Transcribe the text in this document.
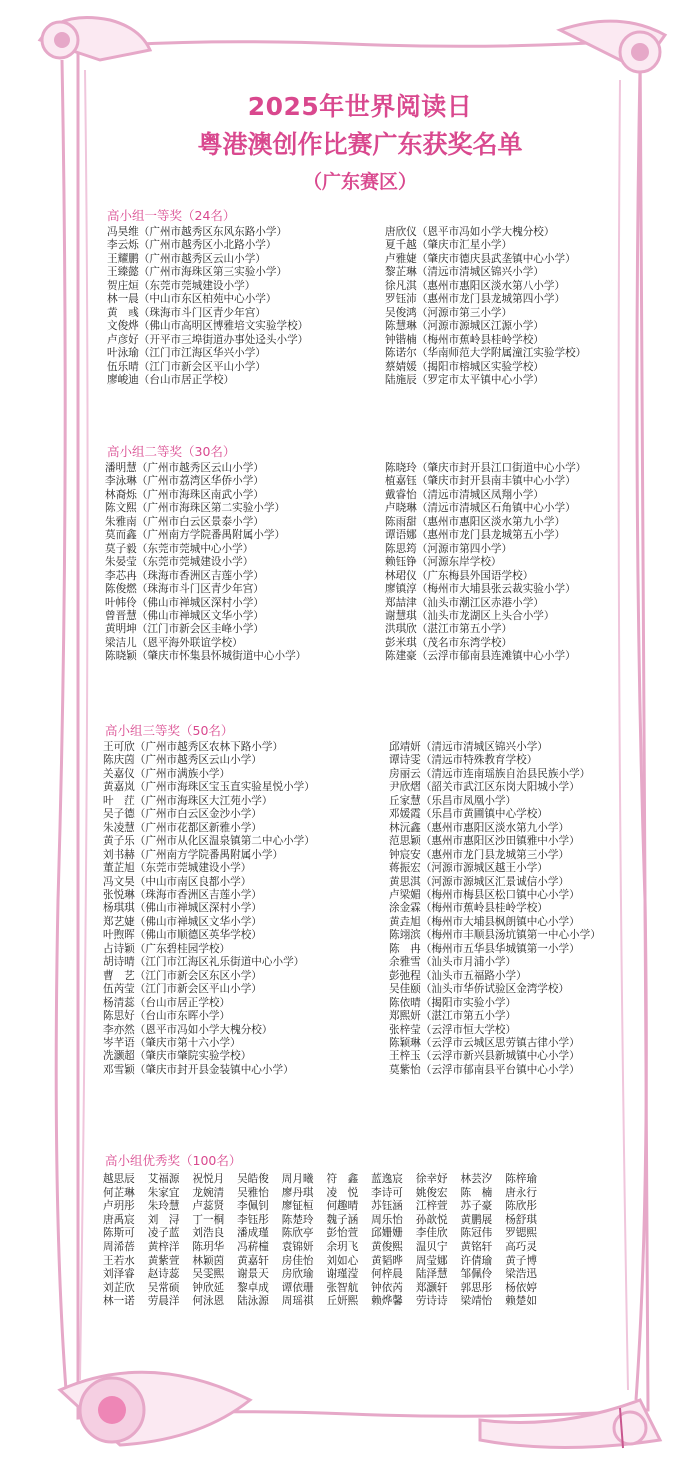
2025年世界阅读日
粤港澳创作比赛广东获奖名单
（广东赛区）
高小组一等奖（24名）
冯昊维（广州市越秀区东风东路小学）
李云烁（广州市越秀区小北路小学）
王耀鹏（广州市越秀区云山小学）
王臻懿（广州市海珠区第三实验小学）
贺庄烜（东莞市莞城建设小学）
林一晨（中山市东区柏苑中心小学）
黄　彧（珠海市斗门区青少年宫）
文俊烨（佛山市高明区博雅培文实验学校）
卢彦好（开平市三埠街道办事处迳头小学）
叶泳瑜（江门市江海区华兴小学）
伍乐晴（江门市新会区平山小学）
廖峻迪（台山市居正学校）
唐欣仪（恩平市冯如小学大槐分校）
夏千越（肇庆市汇星小学）
卢雅婕（肇庆市德庆县武垄镇中心小学）
黎芷琳（清远市清城区锦兴小学）
徐凡淇（惠州市惠阳区淡水第八小学）
罗钰沛（惠州市龙门县龙城第四小学）
吴俊鸿（河源市第三小学）
陈慧琳（河源市源城区江源小学）
钟锴楠（梅州市蕉岭县桂岭学校）
陈诺尔（华南师范大学附属潼江实验学校）
蔡婧媛（揭阳市榕城区实验学校）
陆施辰（罗定市太平镇中心小学）
高小组二等奖（30名）
潘明慧（广州市越秀区云山小学）
李泳琳（广州市荔湾区华侨小学）
林裔烁（广州市海珠区南武小学）
陈文熙（广州市海珠区第二实验小学）
朱雅南（广州市白云区景泰小学）
莫而鑫（广州南方学院番禺附属小学）
莫子毅（东莞市莞城中心小学）
朱晏莹（东莞市莞城建设小学）
李芯冉（珠海市香洲区吉莲小学）
陈俊燃（珠海市斗门区青少年宫）
叶帏伶（佛山市禅城区深村小学）
曾晋慧（佛山市禅城区文华小学）
黄明坤（江门市新会区圭峰小学）
梁洁儿（恩平海外联谊学校）
陈晓颖（肇庆市怀集县怀城街道中心小学）
陈晓玲（肇庆市封开县江口街道中心小学）
植嘉钰（肇庆市封开县南丰镇中心小学）
戴睿怡（清远市清城区凤翔小学）
卢晓琳（清远市清城区石角镇中心小学）
陈雨甜（惠州市惠阳区淡水第九小学）
谭语娜（惠州市龙门县龙城第五小学）
陈思筠（河源市第四小学）
赖钰铮（河源东岸学校）
林珺仪（广东梅县外国语学校）
廖镇淳（梅州市大埔县张云裁实验小学）
郑喆津（汕头市潮江区赤港小学）
谢慧琪（汕头市龙湖区上头合小学）
洪琪欣（湛江市第五小学）
彭米琪（茂名市东湾学校）
陈建豪（云浮市郁南县连滩镇中心小学）
高小组三等奖（50名）
王可欣（广州市越秀区农林下路小学）
陈庆茵（广州市越秀区云山小学）
关嘉仪（广州市满族小学）
黄嘉岚（广州市海珠区宝玉直实验星悦小学）
叶　茳（广州市海珠区大江苑小学）
吴子德（广州市白云区金沙小学）
朱凌慧（广州市花都区新雅小学）
黄子乐（广州市从化区温泉镇第二中心小学）
刘书赫（广州南方学院番禺附属小学）
董芷旭（东莞市莞城建设小学）
冯文昊（中山市南区良都小学）
张悦琳（珠海市香洲区吉莲小学）
杨琪琪（佛山市禅城区深村小学）
郑艺婕（佛山市禅城区文华小学）
叶煦晖（佛山市顺德区英华学校）
占诗颖（广东碧桂园学校）
胡诗晴（江门市江海区礼乐街道中心小学）
曹　艺（江门市新会区东区小学）
伍芮莹（江门市新会区平山小学）
杨清蕊（台山市居正学校）
陈思好（台山市东晖小学）
李亦然（恩平市冯如小学大槐分校）
岑芊语（肇庆市第十六小学）
冼灏超（肇庆市肇院实验学校）
邓雪颖（肇庆市封开县金装镇中心小学）
邱靖妍（清远市清城区锦兴小学）
谭诗雯（清远市特殊教育学校）
房丽云（清远市连南瑶族自治县民族小学）
尹欣熠（韶关市武江区东岗大阳城小学）
丘家慧（乐昌市凤凰小学）
邓媛霞（乐昌市黄圃镇中心学校）
林沅鑫（惠州市惠阳区淡水第九小学）
范思颖（惠州市惠阳区沙田镇雅中小学）
钟宸安（惠州市龙门县龙城第三小学）
蒋振宏（河源市源城区越王小学）
黄思淇（河源市源城区汇景诚信小学）
卢梁媚（梅州市梅县区松口镇中心小学）
涂金霖（梅州市蕉岭县桂岭学校）
黄垚旭（梅州市大埔县枫朗镇中心小学）
陈翊滨（梅州市丰顺县汤坑镇第一中心小学）
陈　冉（梅州市五华县华城镇第一小学）
余雅雪（汕头市月浦小学）
彭弛程（汕头市五福路小学）
吴佳颐（汕头市华侨试验区金湾学校）
陈依晴（揭阳市实验小学）
郑熙妍（湛江市第五小学）
张梓莹（云浮市恒大学校）
陈颖琳（云浮市云城区思劳镇古律小学）
王梓玉（云浮市新兴县新城镇中心小学）
莫紫怡（云浮市郁南县平台镇中心小学）
高小组优秀奖（100名）
越思辰	艾福源	祝悦月	吴皓俊	周月曦	符　鑫	蓝逸宸	徐幸妤	林芸汐	陈梓瑜
何芷琳	朱家宜	龙婉清	吴雅怡	廖丹琪	凌　悦	李诗可	姚俊宏	陈　楠	唐永行
卢玥彤	朱玲慧	卢蕊贤	李佩钊	廖钲桓	何趣晴	苏钰涵	江梓萱	苏子豪	陈欣彤
唐禹宸	刘　浔	丁一桐	李钰彤	陈楚玲	魏子涵	周乐怡	孙歆悦	黄鹏展	杨舒琪
陈斯可	凌子蓝	刘浩良	潘成瑾	陈欣亭	彭怡萱	邱姗姗	李佳欣	陈冠伟	罗锶熙
周浠蓓	黄梓洋	陈玥华	冯菥橦	袁锦妍	余玥飞	黄俊熙	温贝宁	黄铭轩	高巧灵
王若水	黄紫萱	林颖茵	黄嘉轩	房佳怡	刘如心	黄韬晔	周莹娜	许倩瑜	黄子博
刘泽睿	赵诗蕊	吴雯熙	谢景天	房欣瑜	谢瑾滢	何梓晨	陆泽慧	邹佩伶	梁浩迅
刘芷欣	吴常硕	钟欣延	黎卓成	谭依珊	张智航	钟依芮	郑灏轩	郭思彤	杨依婷
林一诺	劳晨洋	何泳恩	陆泳源	周瑶祺	丘妍熙	赖烨馨	劳诗诗	梁靖怡	赖楚如
